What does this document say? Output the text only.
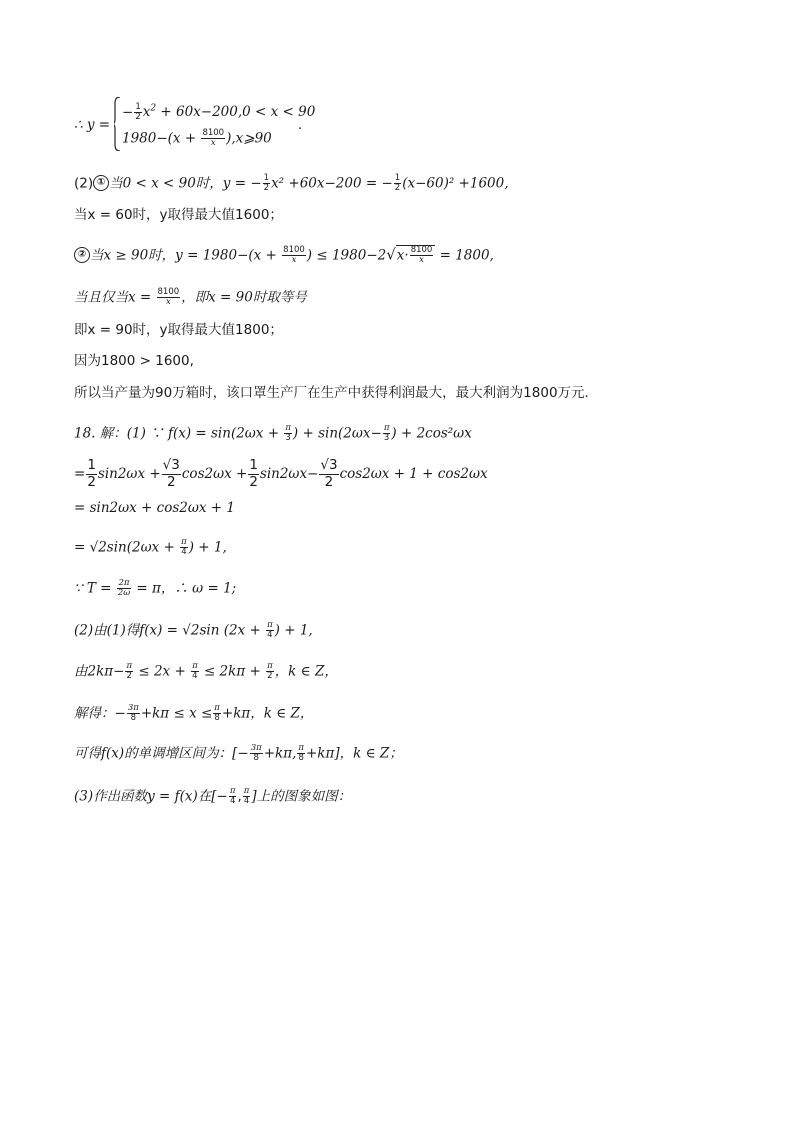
∴ y =
− $\frac{1}{2} x^2 + 60x-200,0 < x < 90$
$1980-(x + \frac{8100}{x}$ ),x⩾90
.
(2) ① 当0 < x < 90时，y = − $\frac{1}{2} x^2 +60x-200$ = − $\frac{1}{2} (x-60)^2 +1600$,
当x = 60时，y取得最大值1600；
② 当x ≥ 90时，$y = 1980-(x + \frac{8100}{x}$ ) ≤ $1980-2√x\cdot \frac{8100}{x} = 1800$,
当且仅当$x = \frac{8100}{x}$ ，即x = 90时取等号
即x = 90时，y取得最大值1800；
因为1800 > 1600,
所以当产量为90万箱时，该口罩生产厂在生产中获得利润最大，最大利润为1800万元．
18. 解：(1) ∵ $f(x) = \sin(2\omega x + \frac{\pi}{3}$ ) + $\sin(2\omega x- \frac{\pi}{3}$ ) + 2cos²ωx
= $\frac{1}{2} \sin 2\omega x + \frac{√3}{2} \cos 2\omega x + \frac{1}{2} \sin 2\omega x- \frac{√3}{2} \cos 2\omega x + 1 + \cos 2\omega x$
= sin2ωx + cos2ωx + 1
= $√2\sin(2\omega x + \frac{\pi}{4}$ ) + 1,
∵ $T = \frac{2\pi}{2\omega} = \pi$，∴ ω = 1;
(2)由(1)得f(x) = √2sin ($2x + \frac{\pi}{4}$ ) + 1,
由$2k\pi- \frac{\pi}{2} \le 2x + \frac{\pi}{4} \le 2k\pi + \frac{\pi}{2}$ ，k ∈ Z，
解得：− $\frac{3\pi}{8} +k\pi \le x \le \frac{\pi}{8} +k\pi$，k ∈ Z，
可得f(x)的单调增区间为：[− $\frac{3\pi}{8} +k\pi$, $\frac{\pi}{8} +k\pi$]，k ∈ Z；
(3)作出函数y = f(x)在[− $\frac{\pi}{4}$ , $\frac{\pi}{4}$ ]上的图象如图：
